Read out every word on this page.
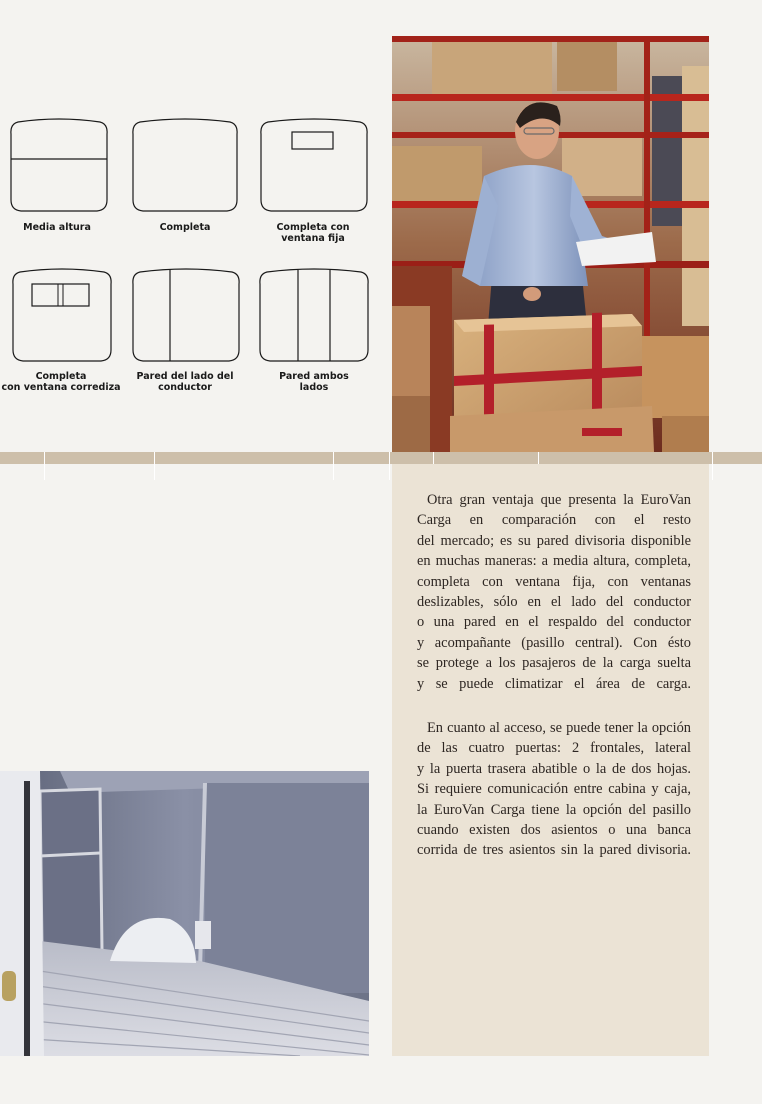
Media altura	Completa	Completa con
ventana fija
Completa
con ventana corrediza
Pared del lado del
conductor
Pared ambos
lados

Otra gran ventaja que presenta la EuroVan
Carga en comparación con el resto
del mercado; es su pared divisoria disponible
en muchas maneras: a media altura, completa,
completa con ventana fija, con ventanas
deslizables, sólo en el lado del conductor
o una pared en el respaldo del conductor
y acompañante (pasillo central). Con ésto
se protege a los pasajeros de la carga suelta
y se puede climatizar el área de carga.

En cuanto al acceso, se puede tener la opción
de las cuatro puertas: 2 frontales, lateral
y la puerta trasera abatible o la de dos hojas.
Si requiere comunicación entre cabina y caja,
la EuroVan Carga tiene la opción del pasillo
cuando existen dos asientos o una banca
corrida de tres asientos sin la pared divisoria.
